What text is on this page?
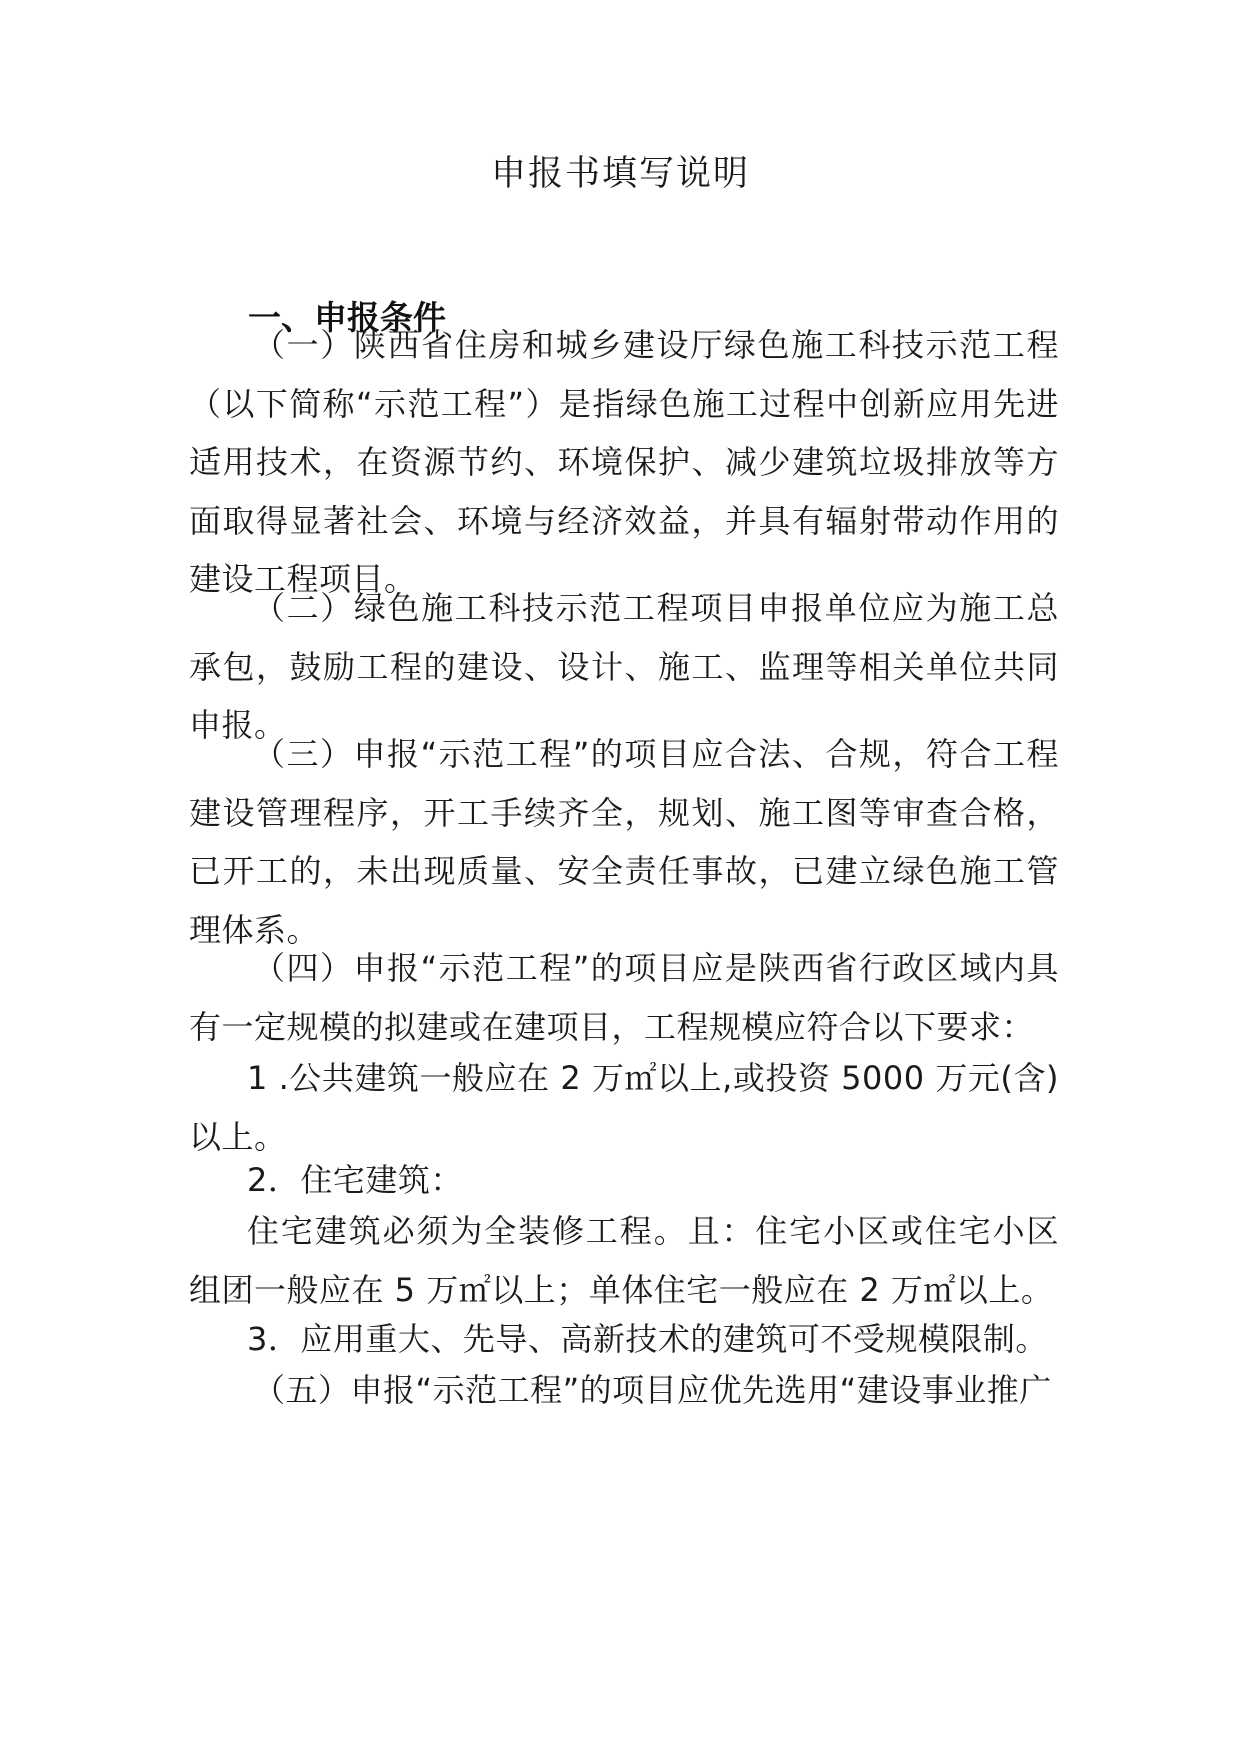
申报书填写说明
一、申报条件
（一）陕西省住房和城乡建设厅绿色施工科技示范工程（以下简称“示范工程”）是指绿色施工过程中创新应用先进适用技术，在资源节约、环境保护、减少建筑垃圾排放等方面取得显著社会、环境与经济效益，并具有辐射带动作用的建设工程项目。
（二）绿色施工科技示范工程项目申报单位应为施工总承包，鼓励工程的建设、设计、施工、监理等相关单位共同申报。
（三）申报“示范工程”的项目应合法、合规，符合工程建设管理程序，开工手续齐全，规划、施工图等审查合格，已开工的，未出现质量、安全责任事故，已建立绿色施工管理体系。
（四）申报“示范工程”的项目应是陕西省行政区域内具有一定规模的拟建或在建项目，工程规模应符合以下要求：
1 .公共建筑一般应在 2 万㎡以上,或投资 5000 万元(含)以上。
2．住宅建筑：
住宅建筑必须为全装修工程。且：住宅小区或住宅小区组团一般应在 5 万㎡以上；单体住宅一般应在 2 万㎡以上。
3．应用重大、先导、高新技术的建筑可不受规模限制。
（五）申报“示范工程”的项目应优先选用“建设事业推广
